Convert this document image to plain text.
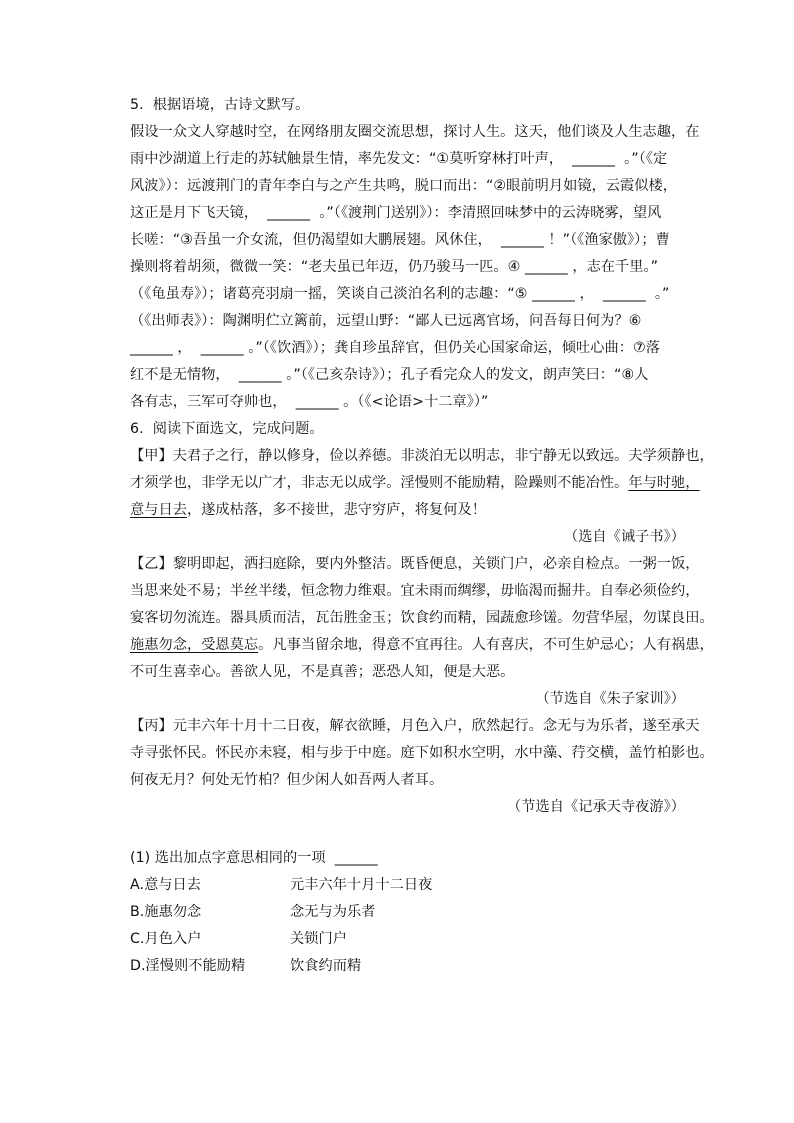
5.  根据语境，古诗文默写。
假设一众文人穿越时空，在网络朋友圈交流思想，探讨人生。这天，他们谈及人生志趣，在
雨中沙湖道上行走的苏轼触景生情，率先发文：“①莫听穿林打叶声，  ______  。”（《定
风波》）：远渡荆门的青年李白与之产生共鸣，脱口而出：“②眼前明月如镜，云霞似楼，
这正是月下飞天镜，  ______  。”（《渡荆门送别》）：李清照回味梦中的云涛晓雾，望风
长嗟：“③吾虽一介女流，但仍渴望如大鹏展翅。风休住，  ______ ！”（《渔家傲》）；曹
操则将着胡须，微微一笑：“老夫虽已年迈，仍乃骏马一匹。④ ______ ，志在千里。”
（《龟虽寿》）；诸葛亮羽扇一摇，笑谈自己淡泊名利的志趣：“⑤ ______ ，  ______  。”
（《出师表》）：陶渊明伫立篱前，远望山野：“鄙人已远离官场，问吾每日何为？⑥
______ ，  ______ 。”（《饮酒》）；龚自珍虽辞官，但仍关心国家命运，倾吐心曲：⑦落
红不是无情物，  ______ 。”（《己亥杂诗》）；孔子看完众人的发文，朗声笑曰：“⑧人
各有志，三军可夺帅也，  ______ 。（《<论语>十二章》）”
6.  阅读下面选文，完成问题。
【甲】夫君子之行，静以修身，俭以养德。非淡泊无以明志，非宁静无以致远。夫学须静也，
才须学也，非学无以广才，非志无以成学。淫慢则不能励精，险躁则不能冶性。年与时驰，
意与日去，遂成枯落，多不接世，悲守穷庐，将复何及！
（选自《诫子书》）
【乙】黎明即起，洒扫庭除，要内外整洁。既昏便息，关锁门户，必亲自检点。一粥一饭，
当思来处不易；半丝半缕，恒念物力维艰。宜未雨而绸缪，毋临渴而掘井。自奉必须俭约，
宴客切勿流连。器具质而洁，瓦缶胜金玉；饮食约而精，园蔬愈珍馐。勿营华屋，勿谋良田。
施惠勿念，受恩莫忘。凡事当留余地，得意不宜再往。人有喜庆，不可生妒忌心；人有祸患，
不可生喜幸心。善欲人见，不是真善；恶恐人知，便是大恶。
（节选自《朱子家训》）
【丙】元丰六年十月十二日夜，解衣欲睡，月色入户，欣然起行。念无与为乐者，遂至承天
寺寻张怀民。怀民亦未寝，相与步于中庭。庭下如积水空明，水中藻、荇交横，盖竹柏影也。
何夜无月？何处无竹柏？但少闲人如吾两人者耳。
（节选自《记承天寺夜游》）
(1) 选出加点字意思相同的一项  ______
A.意与日去	元丰六年十月十二日夜
B.施惠勿念	念无与为乐者
C.月色入户	关锁门户
D.淫慢则不能励精	饮食约而精
